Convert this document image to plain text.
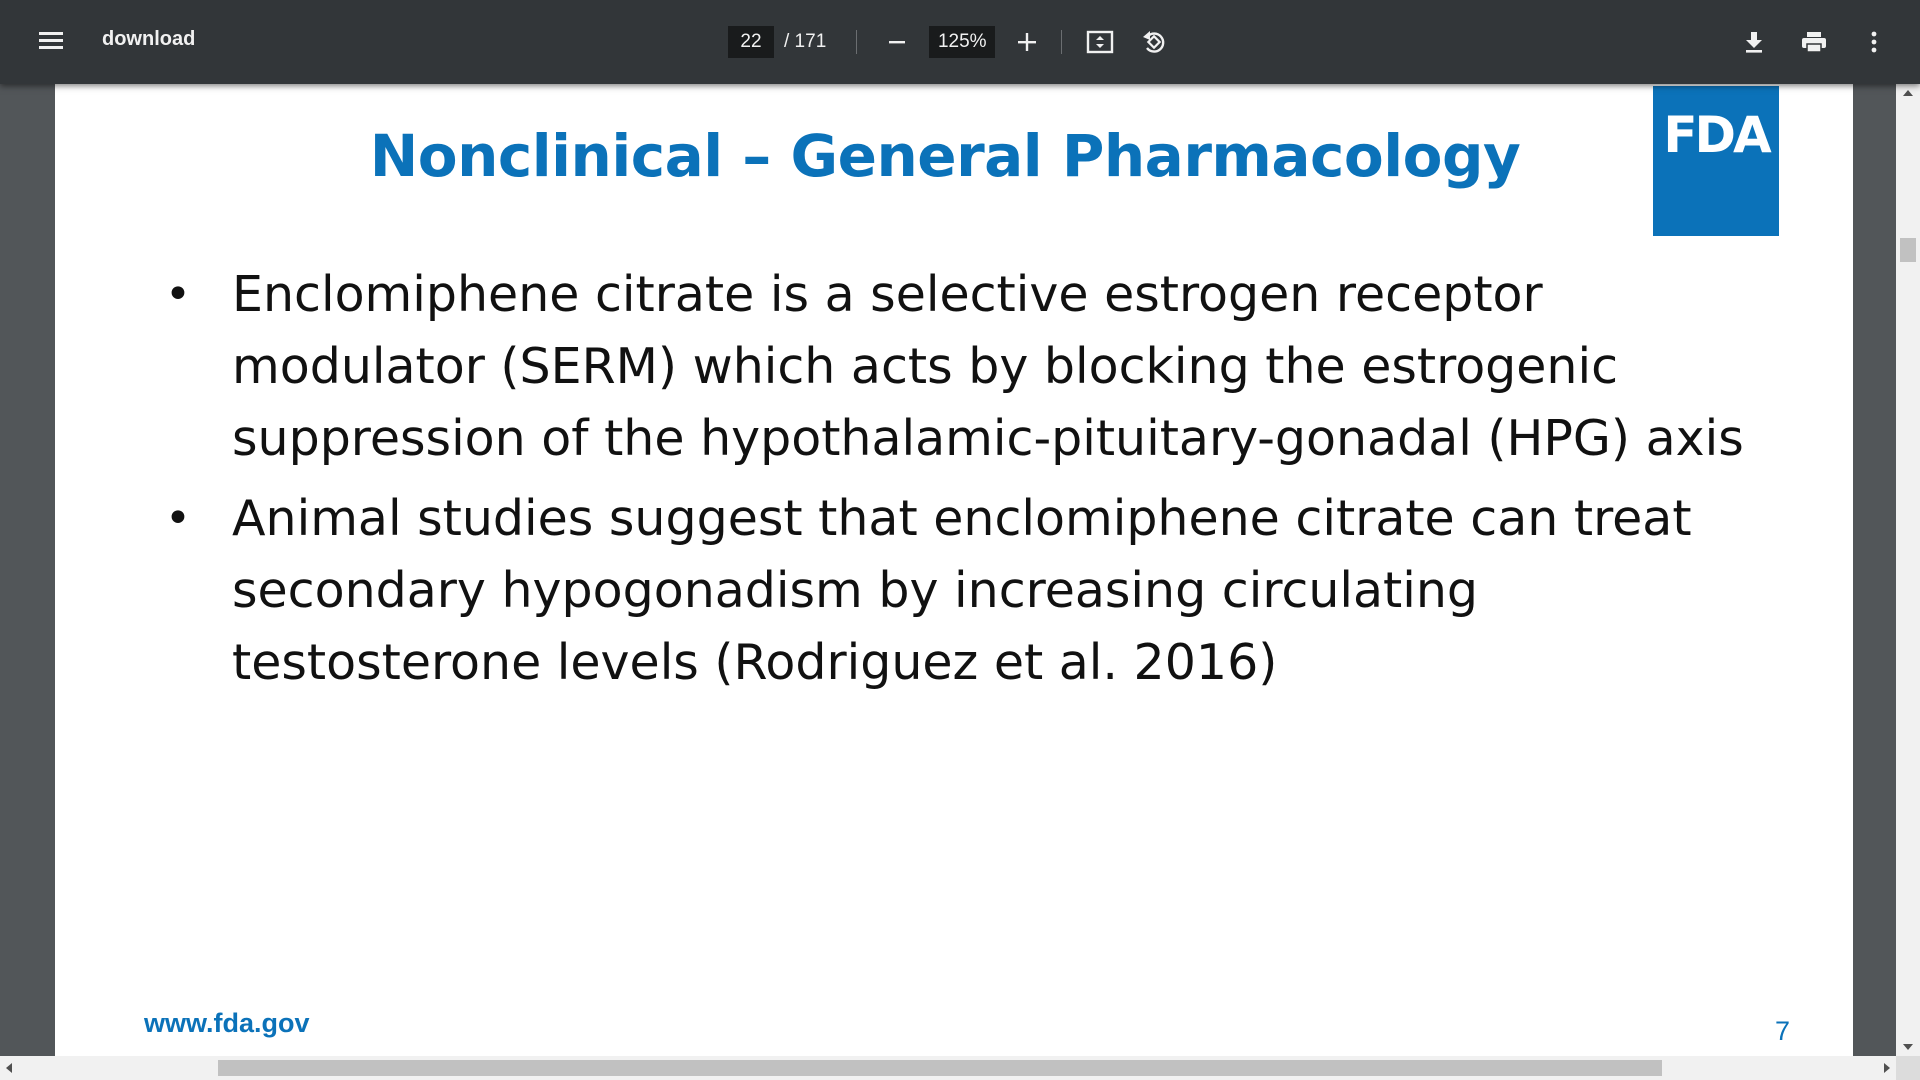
download
22	/ 171
125%
Nonclinical – General Pharmacology	FDA
• Enclomiphene citrate is a selective estrogen receptor modulator (SERM) which acts by blocking the estrogenic suppression of the hypothalamic-pituitary-gonadal (HPG) axis
• Animal studies suggest that enclomiphene citrate can treat secondary hypogonadism by increasing circulating testosterone levels (Rodriguez et al. 2016)
www.fda.gov	7
